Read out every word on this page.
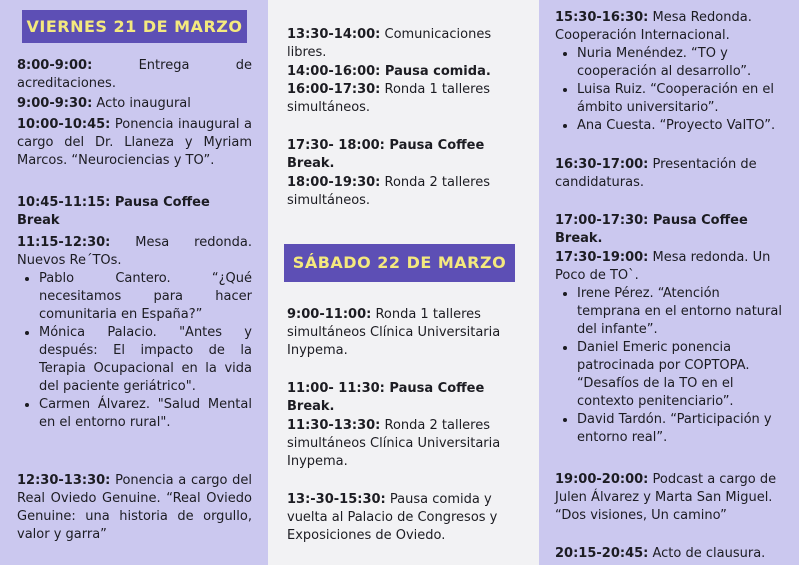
8:00-9:00: Entrega de acreditaciones.

9:00-9:30: Acto inaugural

10:00-10:45: Ponencia inaugural a cargo del Dr. Llaneza y Myriam Marcos. “Neurociencias y TO”.

10:45-11:15: Pausa Coffee Break

11:15-12:30: Mesa redonda. Nuevos Re´TOs.

• Pablo Cantero. “¿Qué necesitamos para hacer comunitaria en España?”
• Mónica Palacio. "Antes y después: El impacto de la Terapia Ocupacional en la vida del paciente geriátrico".
• Carmen Álvarez. "Salud Mental en el entorno rural".

12:30-13:30: Ponencia a cargo del Real Oviedo Genuine. “Real Oviedo Genuine: una historia de orgullo, valor y garra”

13:30-14:00: Comunicaciones libres.

14:00-16:00: Pausa comida.

16:00-17:30: Ronda 1 talleres simultáneos.

17:30- 18:00: Pausa Coffee Break.

18:00-19:30: Ronda 2 talleres simultáneos.

9:00-11:00: Ronda 1 talleres simultáneos Clínica Universitaria Inypema.

11:00- 11:30: Pausa Coffee Break.

11:30-13:30: Ronda 2 talleres simultáneos Clínica Universitaria Inypema.

13:-30-15:30: Pausa comida y vuelta al Palacio de Congresos y Exposiciones de Oviedo.

15:30-16:30: Mesa Redonda. Cooperación Internacional.

• Nuria Menéndez. “TO y cooperación al desarrollo”.
• Luisa Ruiz. “Cooperación en el ámbito universitario”.
• Ana Cuesta. “Proyecto VaITO”.

16:30-17:00: Presentación de candidaturas.

17:00-17:30: Pausa Coffee Break.

17:30-19:00: Mesa redonda. Un Poco de TO`.

• Irene Pérez. “Atención temprana en el entorno natural del infante”.
• Daniel Emeric ponencia patrocinada por COPTOPA. “Desafíos de la TO en el contexto penitenciario”.
• David Tardón. “Participación y entorno real”.

19:00-20:00: Podcast a cargo de Julen Álvarez y Marta San Miguel. “Dos visiones, Un camino”

20:15-20:45: Acto de clausura.

VIERNES 21 DE MARZO
SÁBADO 22 DE MARZO
